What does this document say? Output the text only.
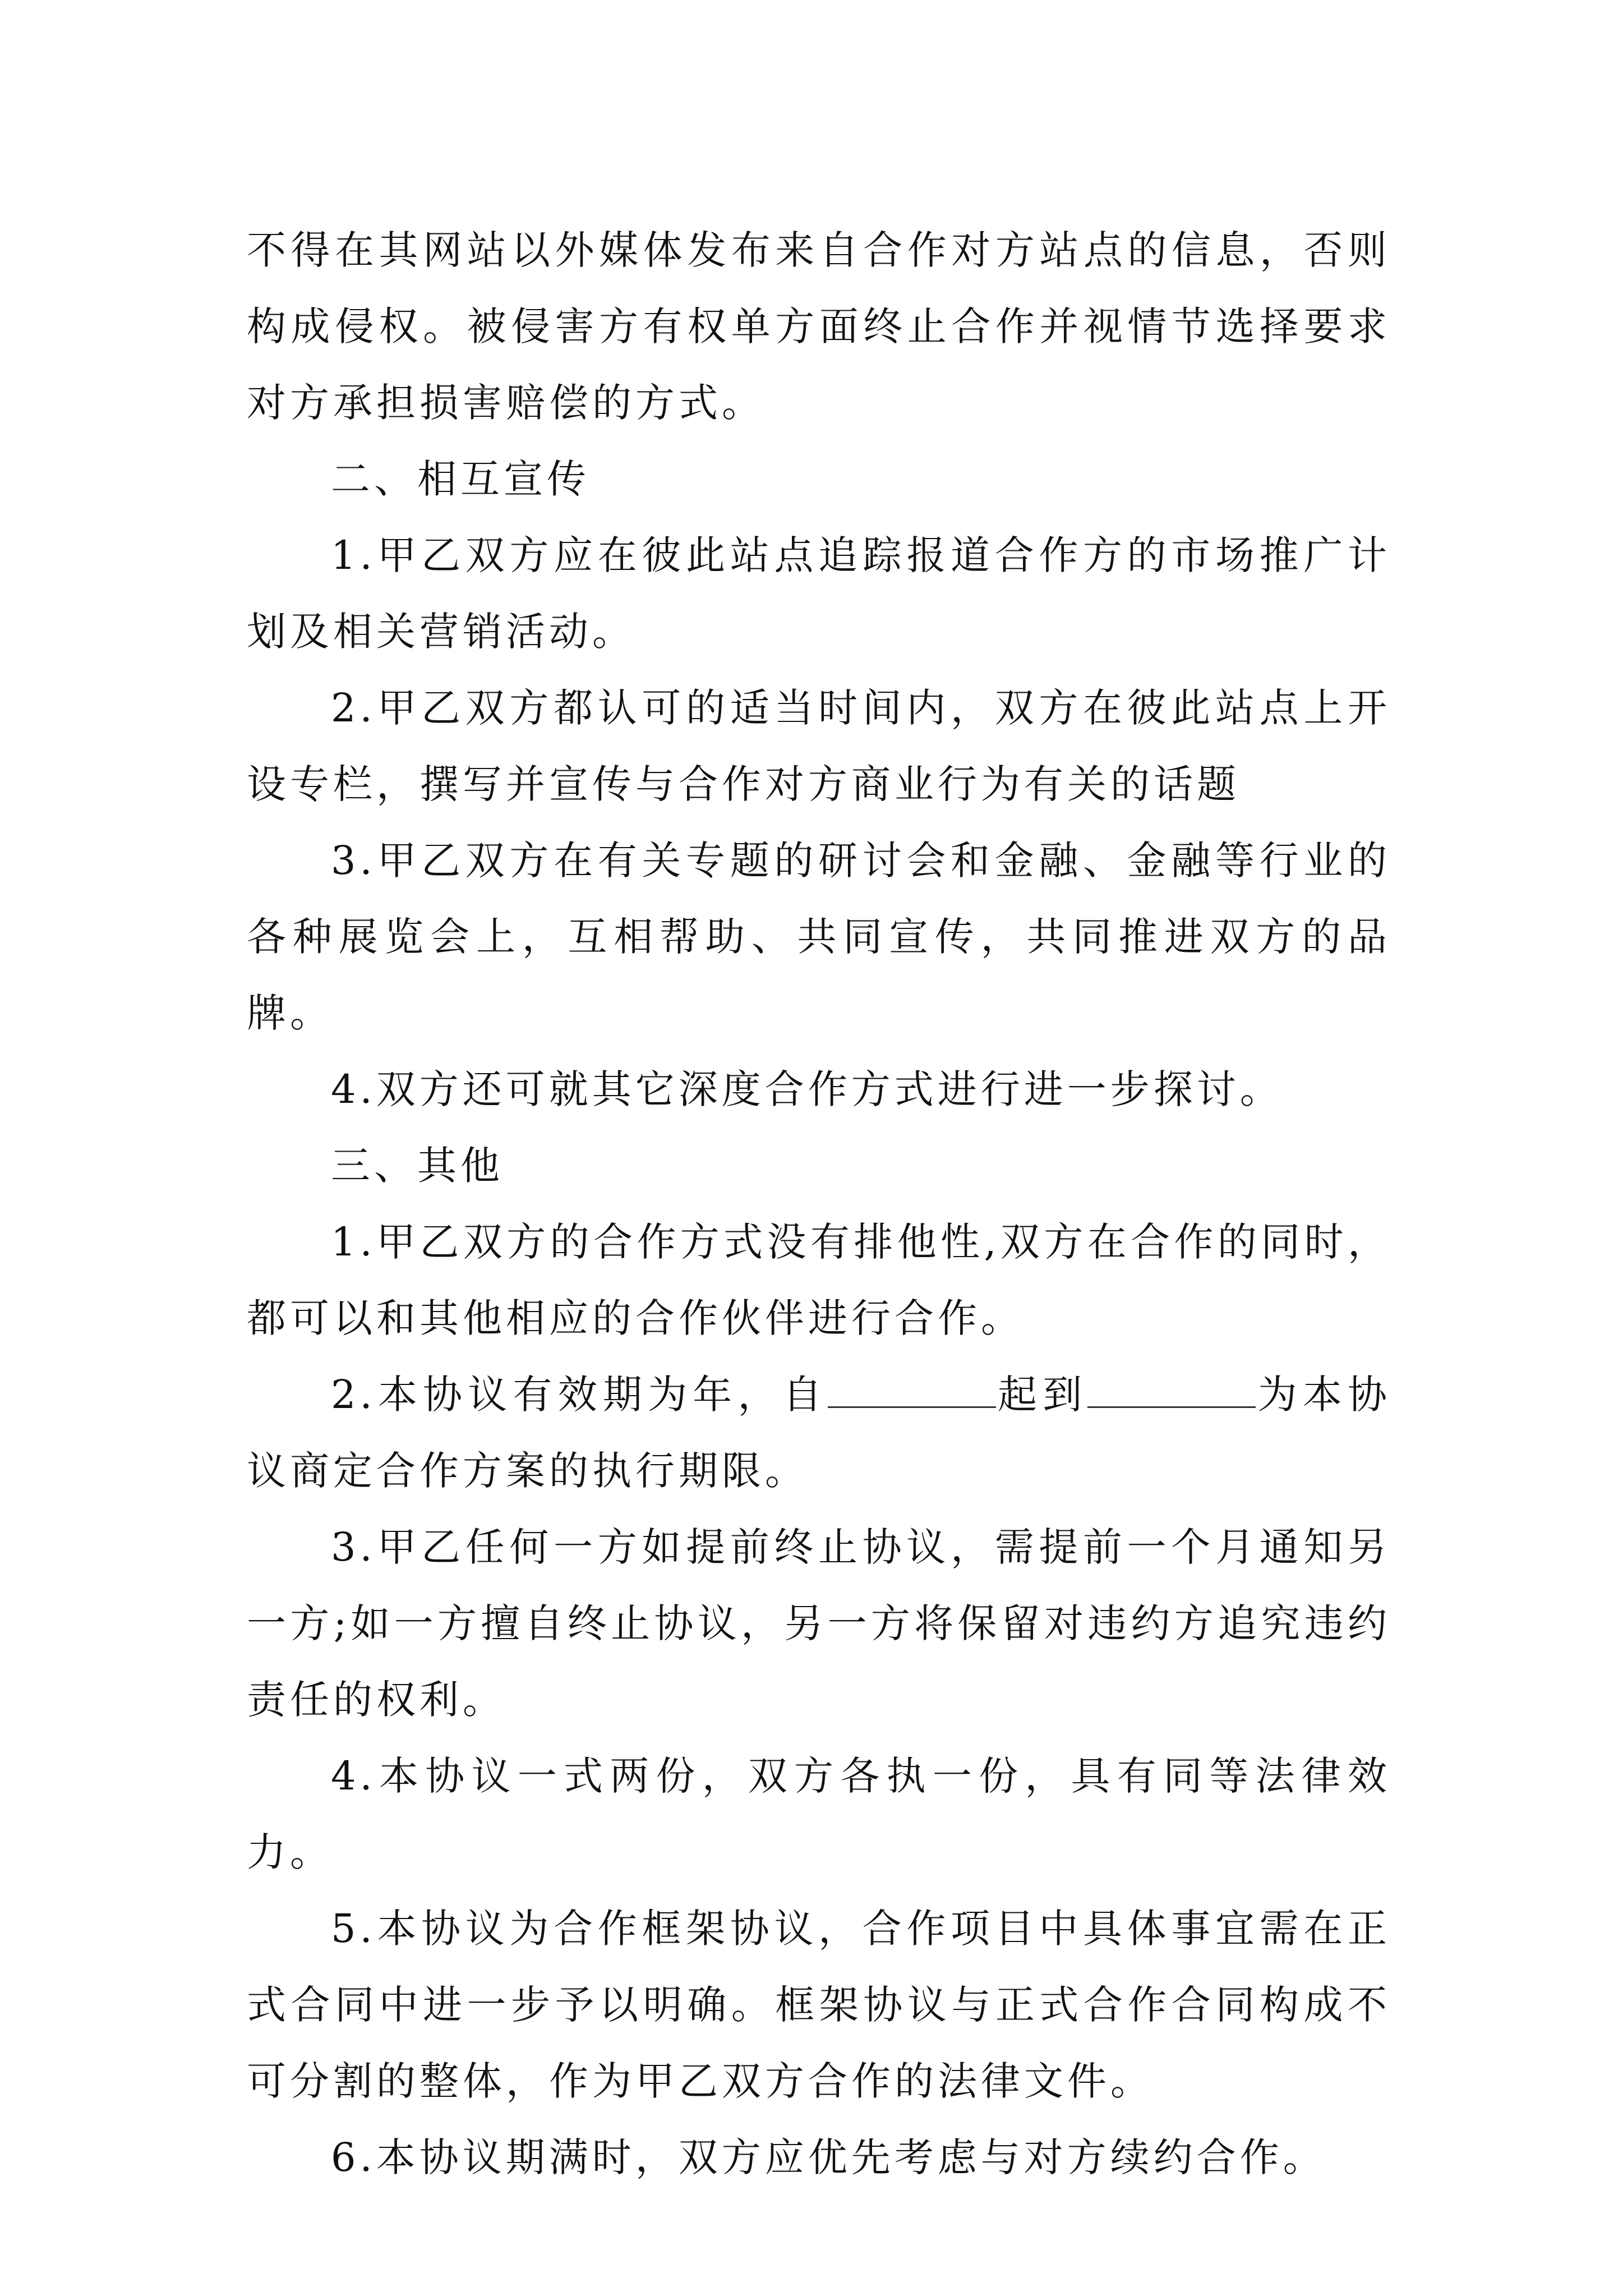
不得在其网站以外媒体发布来自合作对方站点的信息，否则构成侵权。被侵害方有权单方面终止合作并视情节选择要求对方承担损害赔偿的方式。

二、相互宣传

1.甲乙双方应在彼此站点追踪报道合作方的市场推广计划及相关营销活动。

2.甲乙双方都认可的适当时间内，双方在彼此站点上开设专栏，撰写并宣传与合作对方商业行为有关的话题

3.甲乙双方在有关专题的研讨会和金融、金融等行业的各种展览会上，互相帮助、共同宣传，共同推进双方的品牌。

4.双方还可就其它深度合作方式进行进一步探讨。

三、其他

1.甲乙双方的合作方式没有排他性,双方在合作的同时，都可以和其他相应的合作伙伴进行合作。

2.本协议有效期为年，自	起到	为本协议商定合作方案的执行期限。

3.甲乙任何一方如提前终止协议，需提前一个月通知另一方;如一方擅自终止协议，另一方将保留对违约方追究违约责任的权利。

4.本协议一式两份，双方各执一份，具有同等法律效力。

5.本协议为合作框架协议，合作项目中具体事宜需在正式合同中进一步予以明确。框架协议与正式合作合同构成不可分割的整体，作为甲乙双方合作的法律文件。

6.本协议期满时，双方应优先考虑与对方续约合作。
